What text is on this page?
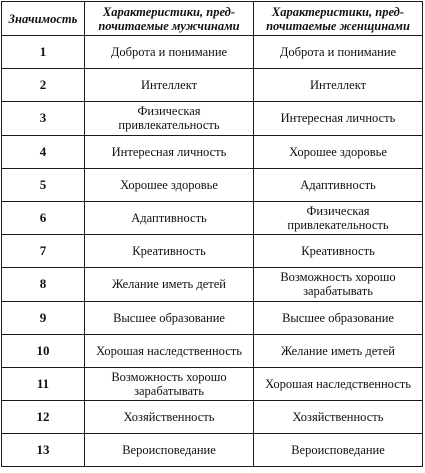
Значимость	Характеристики, пред-почитаемые мужчинами	Характеристики, пред-почитаемые женщинами
1	Доброта и понимание	Доброта и понимание
2	Интеллект	Интеллект
3	Физическая привлекательность	Интересная личность
4	Интересная личность	Хорошее здоровье
5	Хорошее здоровье	Адаптивность
6	Адаптивность	Физическая привлекательность
7	Креативность	Креативность
8	Желание иметь детей	Возможность хорошо зарабатывать
9	Высшее образование	Высшее образование
10	Хорошая наследственность	Желание иметь детей
11	Возможность хорошо зарабатывать	Хорошая наследственность
12	Хозяйственность	Хозяйственность
13	Вероисповедание	Вероисповедание
